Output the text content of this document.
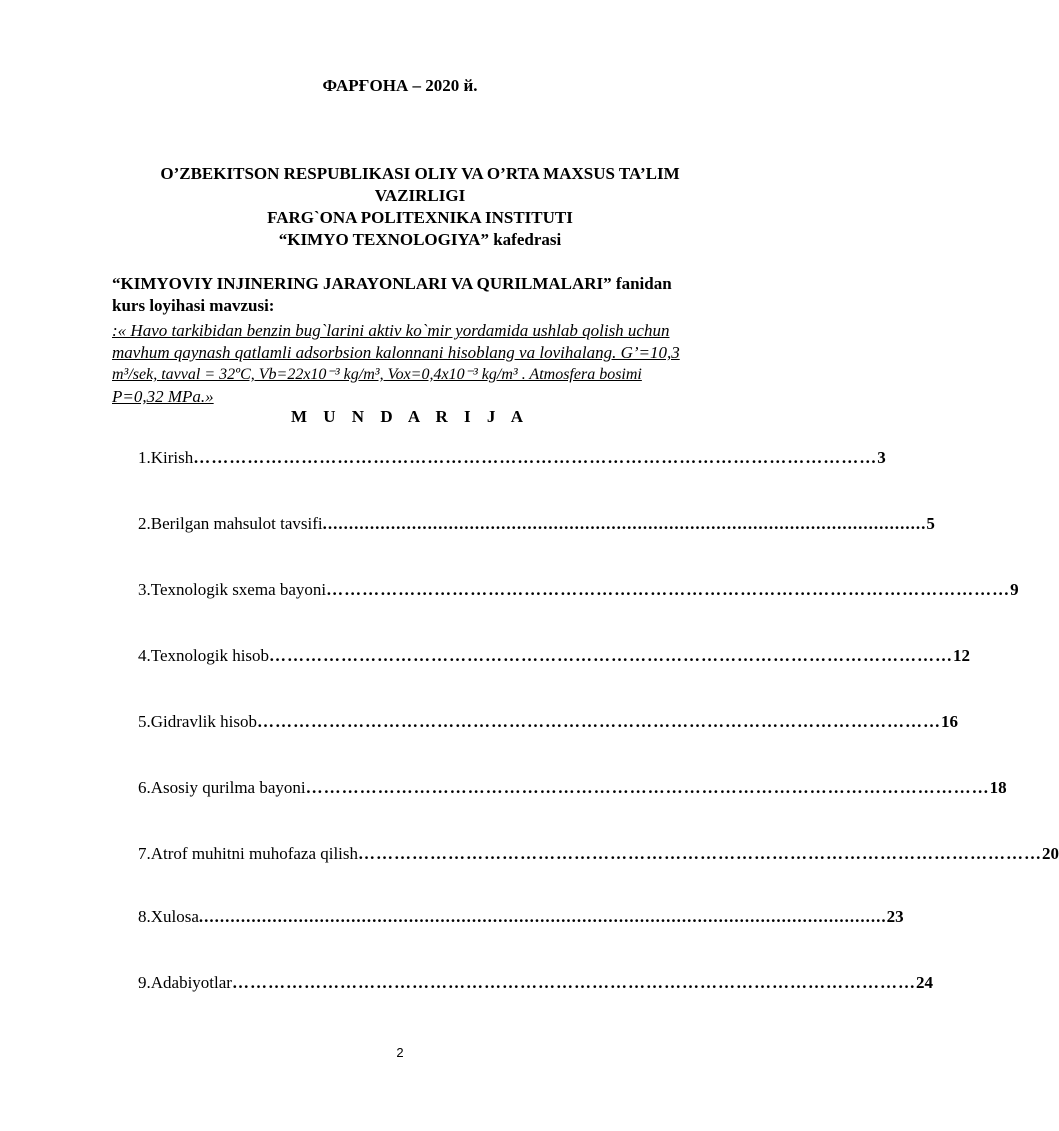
ФАРҒОНА – 2020 й.
O’ZBEKITSON RESPUBLIKASI OLIY VA O’RTA MAXSUS TA’LIM
VAZIRLIGI
FARG`ONA POLITEXNIKA INSTITUTI
“KIMYO TEXNOLOGIYA” kafedrasi
“KIMYOVIY INJINERING JARAYONLARI VA QURILMALARI” fanidan
kurs loyihasi mavzusi:
:« Havo tarkibidan benzin bug`larini aktiv ko`mir yordamida ushlab qolish uchun
mavhum qaynash qatlamli adsorbsion kalonnani hisoblang va lovihalang. G’=10,3
m³/sek, tavval = 32ºC, Vb=22x10⁻³ kg/m³, Vox=0,4x10⁻³ kg/m³ . Atmosfera bosimi
P=0,32 MPa.»
M U N D A R I J A
1. Kirish …………………………………………………………………………………………………… 3
2. Berilgan mahsulot tavsifi ................................................................................................................... 5
3. Texnologik sxema bayoni …………………………………………………………………………………………………… 9
4. Texnologik hisob …………………………………………………………………………………………………… 12
5. Gidravlik hisob …………………………………………………………………………………………………… 16
6. Asosiy qurilma bayoni …………………………………………………………………………………………………… 18
7. Atrof muhitni muhofaza qilish …………………………………………………………………………………………………… 20
8. Xulosa ................................................................................................................................... 23
9. Adabiyotlar …………………………………………………………………………………………………… 24
2
